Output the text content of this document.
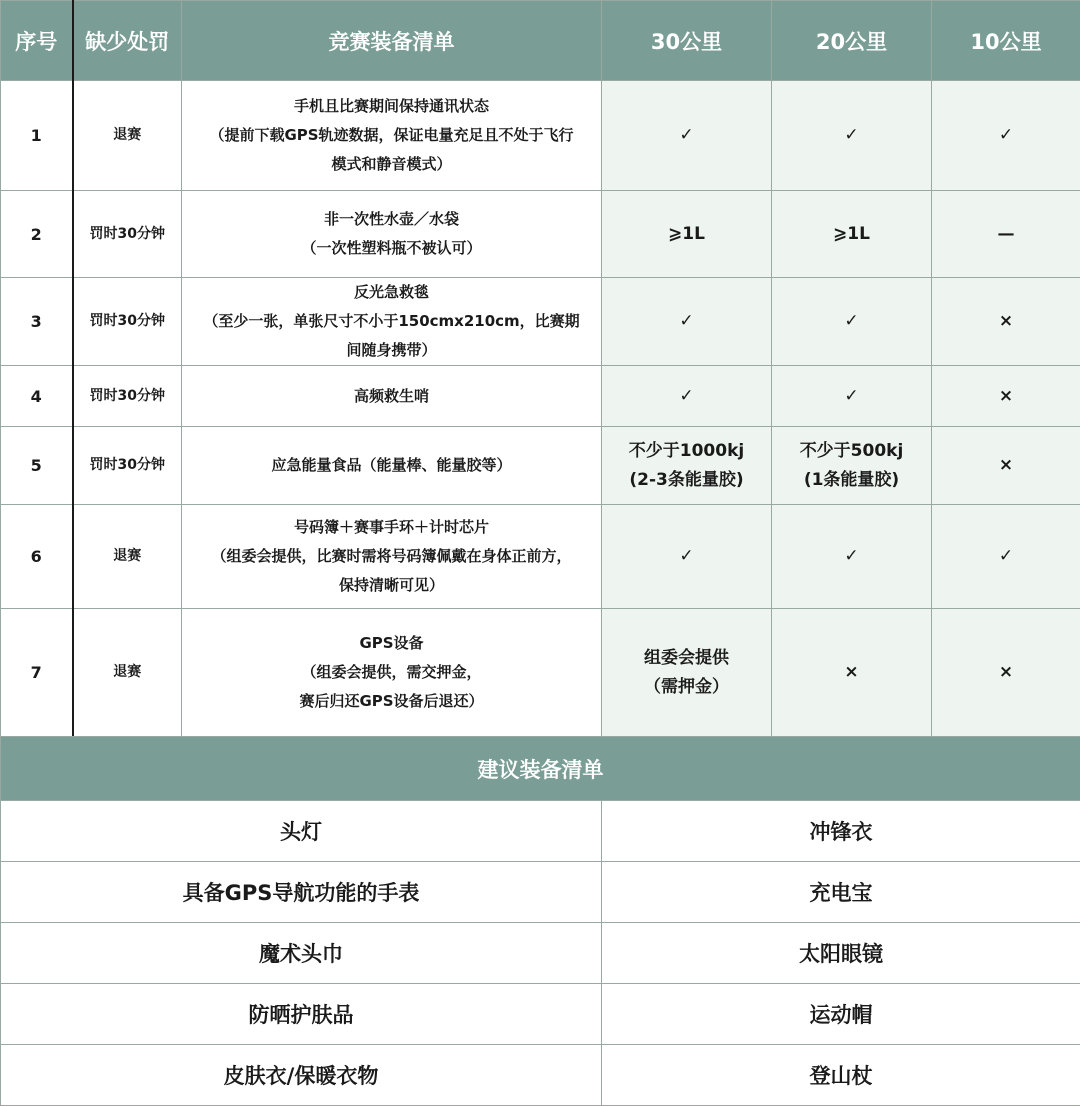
序号	缺少处罚	竞赛装备清单	30公里	20公里	10公里
1	退赛	手机且比赛期间保持通讯状态
（提前下载GPS轨迹数据，保证电量充足且不处于飞行
模式和静音模式）	✓	✓	✓

2	罚时30分钟	非一次性水壶／水袋
（一次性塑料瓶不被认可）	⩾1L	⩾1L	—

3	罚时30分钟	反光急救毯
（至少一张，单张尺寸不小于150cmx210cm，比赛期
间随身携带）	✓	✓	×

4	罚时30分钟	高频救生哨	✓	✓	×

5	罚时30分钟	应急能量食品（能量棒、能量胶等）	不少于1000kj
(2-3条能量胶)	不少于500kj
(1条能量胶)	×

6	退赛	号码簿＋赛事手环＋计时芯片
（组委会提供，比赛时需将号码簿佩戴在身体正前方，
保持清晰可见）	✓	✓	✓

7	退赛	GPS设备
（组委会提供，需交押金，
赛后归还GPS设备后退还）	组委会提供
（需押金）	×	×
建议装备清单	
头灯	冲锋衣
具备GPS导航功能的手表	充电宝
魔术头巾	太阳眼镜
防晒护肤品	运动帽
皮肤衣/保暖衣物	登山杖
